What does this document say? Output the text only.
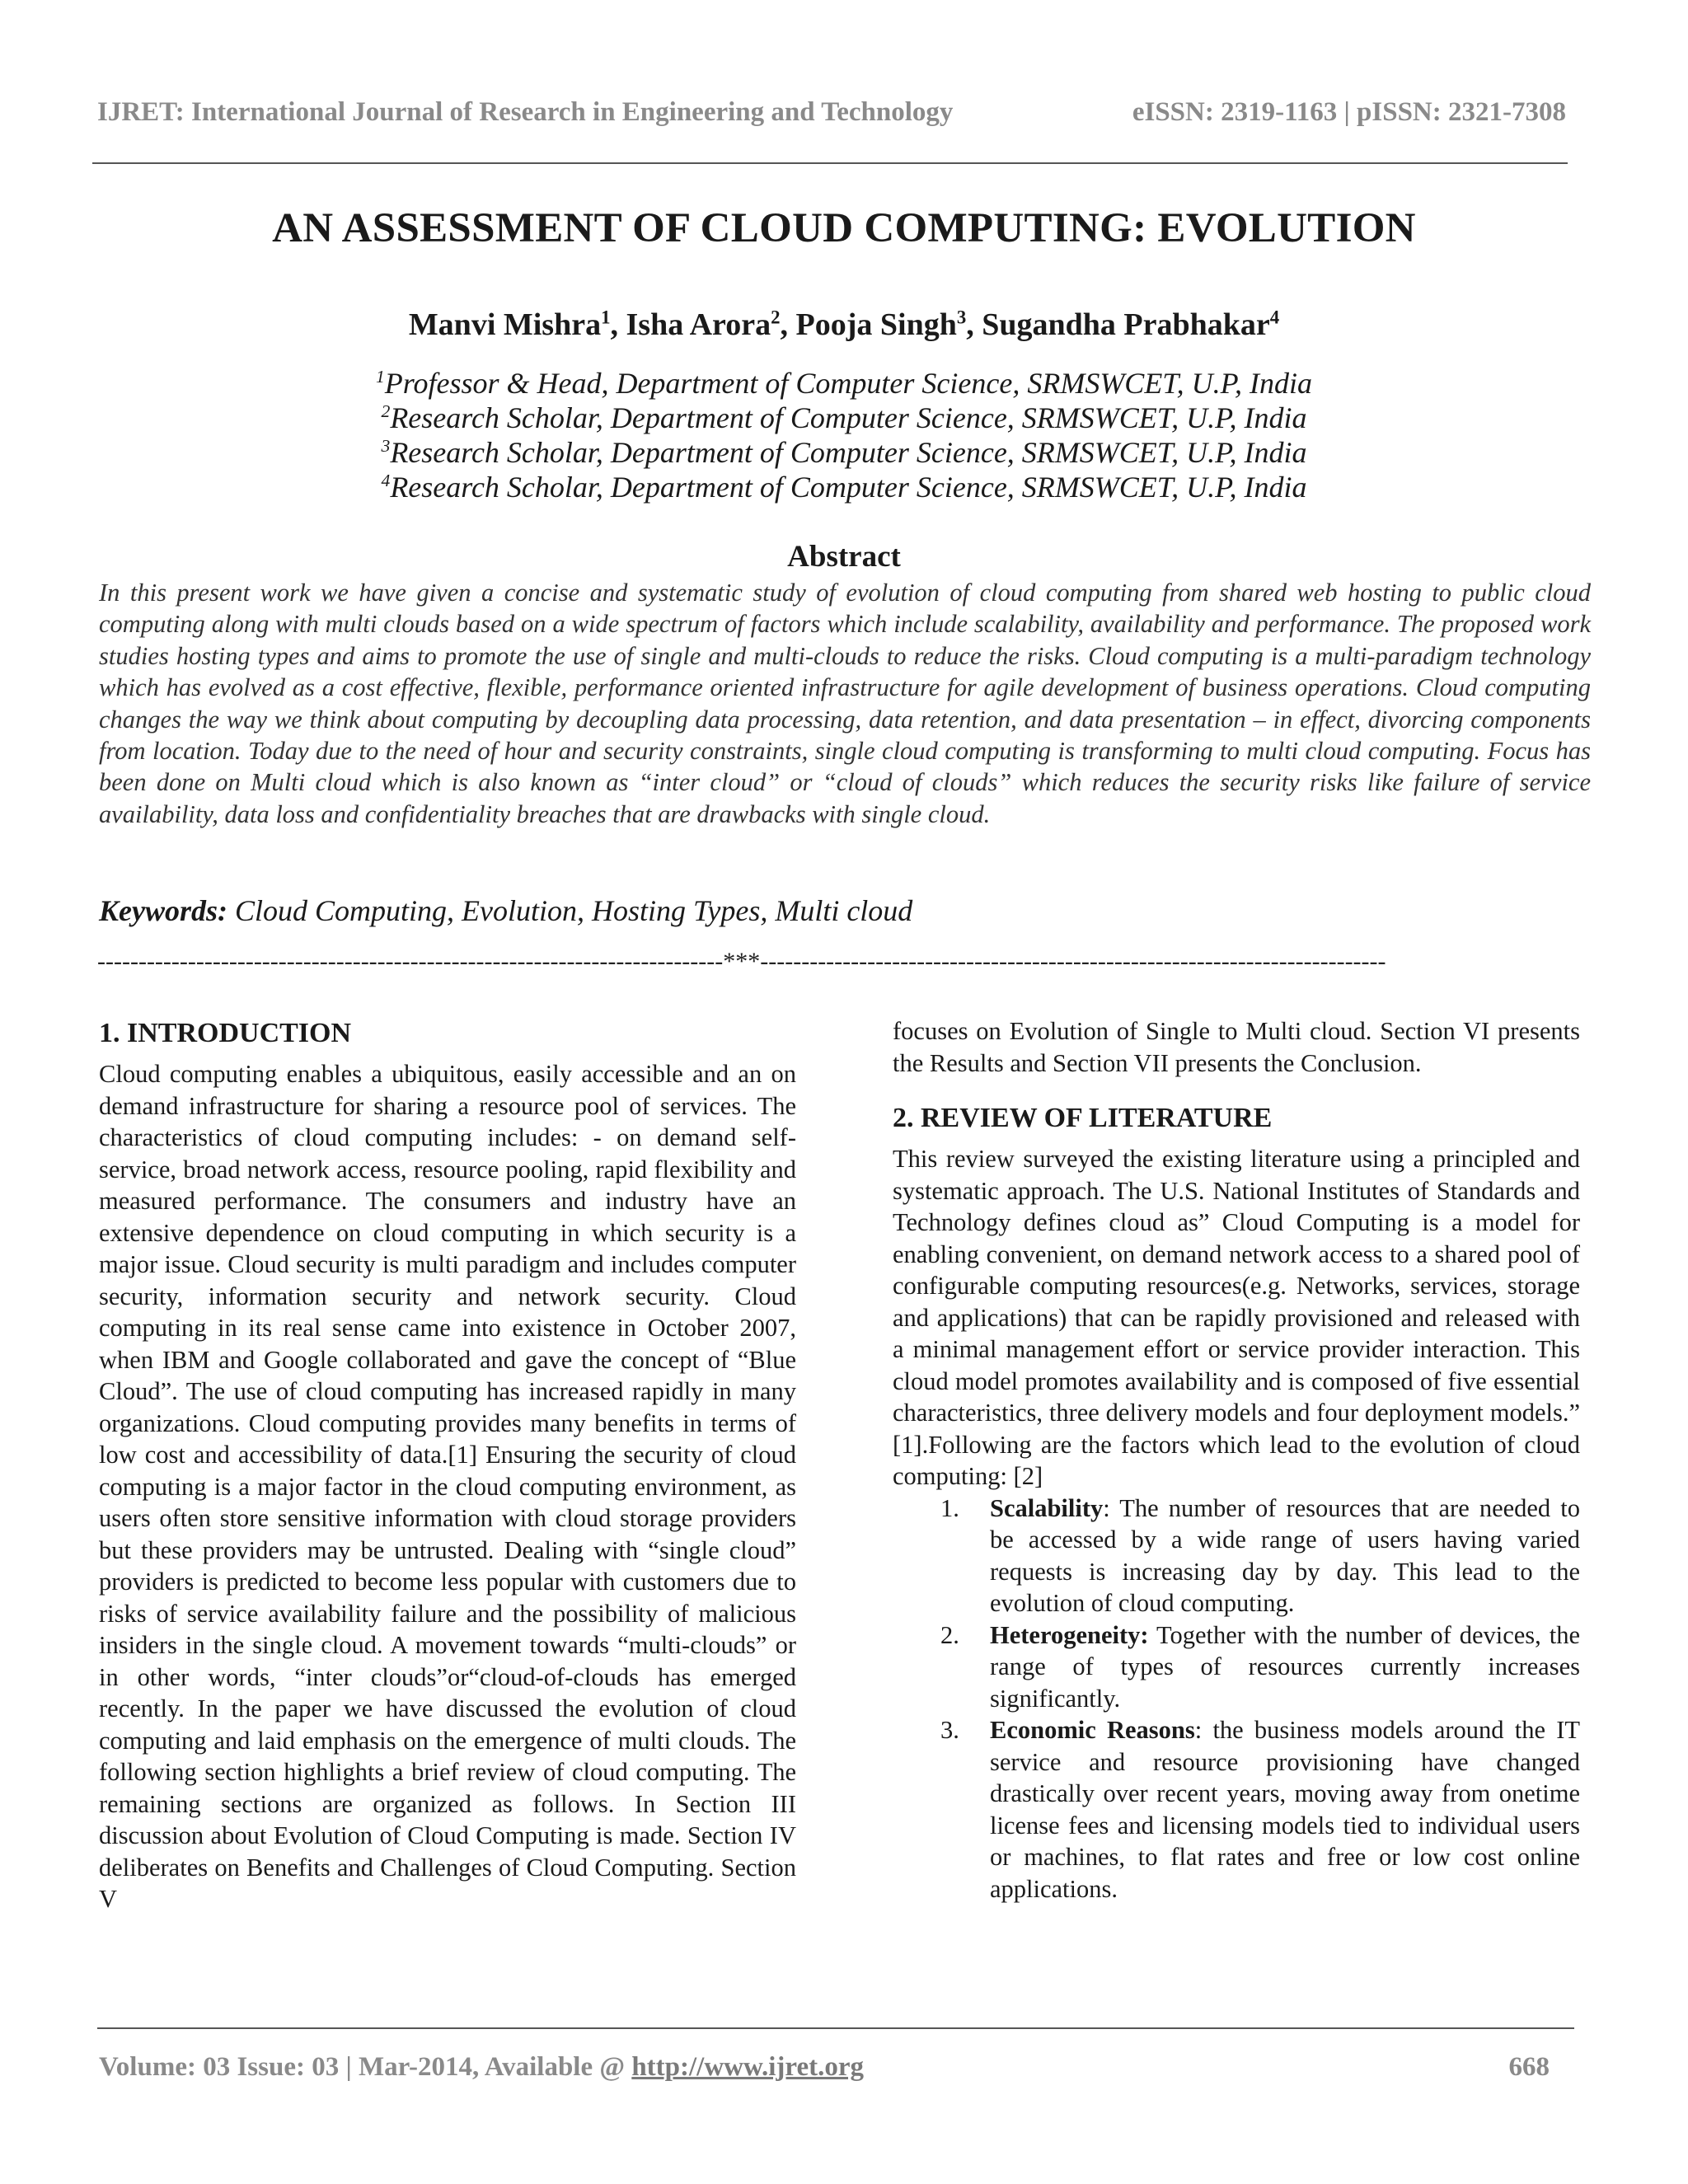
IJRET: International Journal of Research in Engineering and Technology	eISSN: 2319-1163 | pISSN: 2321-7308
AN ASSESSMENT OF CLOUD COMPUTING: EVOLUTION
Manvi Mishra$^1$, Isha Arora$^2$, Pooja Singh$^3$, Sugandha Prabhakar$^4$
$^1$Professor & Head, Department of Computer Science, SRMSWCET, U.P, India
$^2$Research Scholar, Department of Computer Science, SRMSWCET, U.P, India
$^3$Research Scholar, Department of Computer Science, SRMSWCET, U.P, India
$^4$Research Scholar, Department of Computer Science, SRMSWCET, U.P, India
Abstract
In this present work we have given a concise and systematic study of evolution of cloud computing from shared web hosting to public cloud computing along with multi clouds based on a wide spectrum of factors which include scalability, availability and performance. The proposed work studies hosting types and aims to promote the use of single and multi-clouds to reduce the risks. Cloud computing is a multi-paradigm technology which has evolved as a cost effective, flexible, performance oriented infrastructure for agile development of business operations. Cloud computing changes the way we think about computing by decoupling data processing, data retention, and data presentation – in effect, divorcing components from location. Today due to the need of hour and security constraints, single cloud computing is transforming to multi cloud computing. Focus has been done on Multi cloud which is also known as “inter cloud” or “cloud of clouds” which reduces the security risks like failure of service availability, data loss and confidentiality breaches that are drawbacks with single cloud.
Keywords: Cloud Computing, Evolution, Hosting Types, Multi cloud
----------------------------------------------------------------------------***----------------------------------------------------------------------------
1. INTRODUCTION

Cloud computing enables a ubiquitous, easily accessible and an on demand infrastructure for sharing a resource pool of services. The characteristics of cloud computing includes: - on demand self-service, broad network access, resource pooling, rapid flexibility and measured performance. The consumers and industry have an extensive dependence on cloud computing in which security is a major issue. Cloud security is multi paradigm and includes computer security, information security and network security. Cloud computing in its real sense came into existence in October 2007, when IBM and Google collaborated and gave the concept of “Blue Cloud”. The use of cloud computing has increased rapidly in many organizations. Cloud computing provides many benefits in terms of low cost and accessibility of data.[1] Ensuring the security of cloud computing is a major factor in the cloud computing environment, as users often store sensitive information with cloud storage providers but these providers may be untrusted. Dealing with “single cloud” providers is predicted to become less popular with customers due to risks of service availability failure and the possibility of malicious insiders in the single cloud. A movement towards “multi-clouds” or in other words, “inter clouds”or“cloud-of-clouds has emerged recently. In the paper we have discussed the evolution of cloud computing and laid emphasis on the emergence of multi clouds. The following section highlights a brief review of cloud computing. The remaining sections are organized as follows. In Section III discussion about Evolution of Cloud Computing is made. Section IV deliberates on Benefits and Challenges of Cloud Computing. Section V

focuses on Evolution of Single to Multi cloud. Section VI presents the Results and Section VII presents the Conclusion.

2. REVIEW OF LITERATURE

This review surveyed the existing literature using a principled and systematic approach. The U.S. National Institutes of Standards and Technology defines cloud as” Cloud Computing is a model for enabling convenient, on demand network access to a shared pool of configurable computing resources(e.g. Networks, services, storage and applications) that can be rapidly provisioned and released with a minimal management effort or service provider interaction. This cloud model promotes availability and is composed of five essential characteristics, three delivery models and four deployment models.” [1].Following are the factors which lead to the evolution of cloud computing: [2]

1. Scalability: The number of resources that are needed to be accessed by a wide range of users having varied requests is increasing day by day. This lead to the evolution of cloud computing.
2. Heterogeneity: Together with the number of devices, the range of types of resources currently increases significantly.
3. Economic Reasons: the business models around the IT service and resource provisioning have changed drastically over recent years, moving away from onetime license fees and licensing models tied to individual users or machines, to flat rates and free or low cost online applications.
Volume: 03 Issue: 03 | Mar-2014, Available @ http://www.ijret.org	668
